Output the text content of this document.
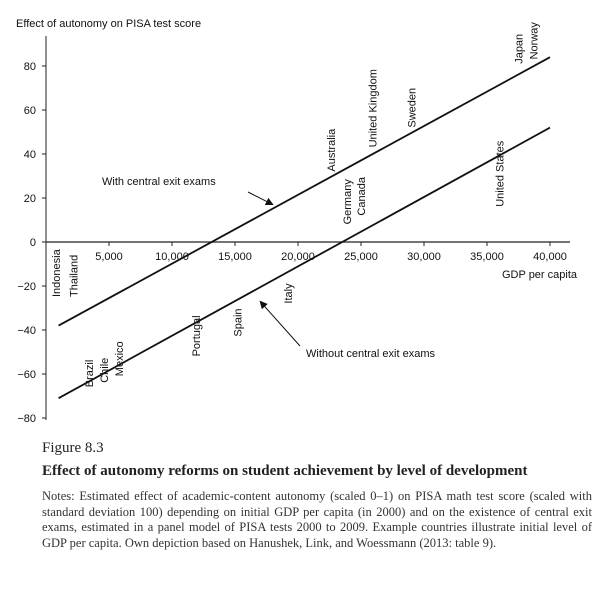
Effect of autonomy on PISA test score
−80
−60
−40
−20
0
20
40
60
80
5,000	10,000	15,000	20,000	25,000	30,000	35,000	40,000
GDP per capita
Indonesia Thailand
Brazil Chile Mexico
Portugal	Spain
Italy
Australia
Germany Canada
United Kingdom Sweden
United States
Japan Norway
With central exit exams
Without central exit exams
Figure 8.3
Effect of autonomy reforms on student achievement by level of development
Notes: Estimated effect of academic-content autonomy (scaled 0–1) on PISA math test score (scaled with standard deviation 100) depending on initial GDP per capita (in 2000) and on the existence of central exit exams, estimated in a panel model of PISA tests 2000 to 2009. Example countries illustrate initial level of GDP per capita. Own depiction based on Hanushek, Link, and Woessmann (2013: table 9).
